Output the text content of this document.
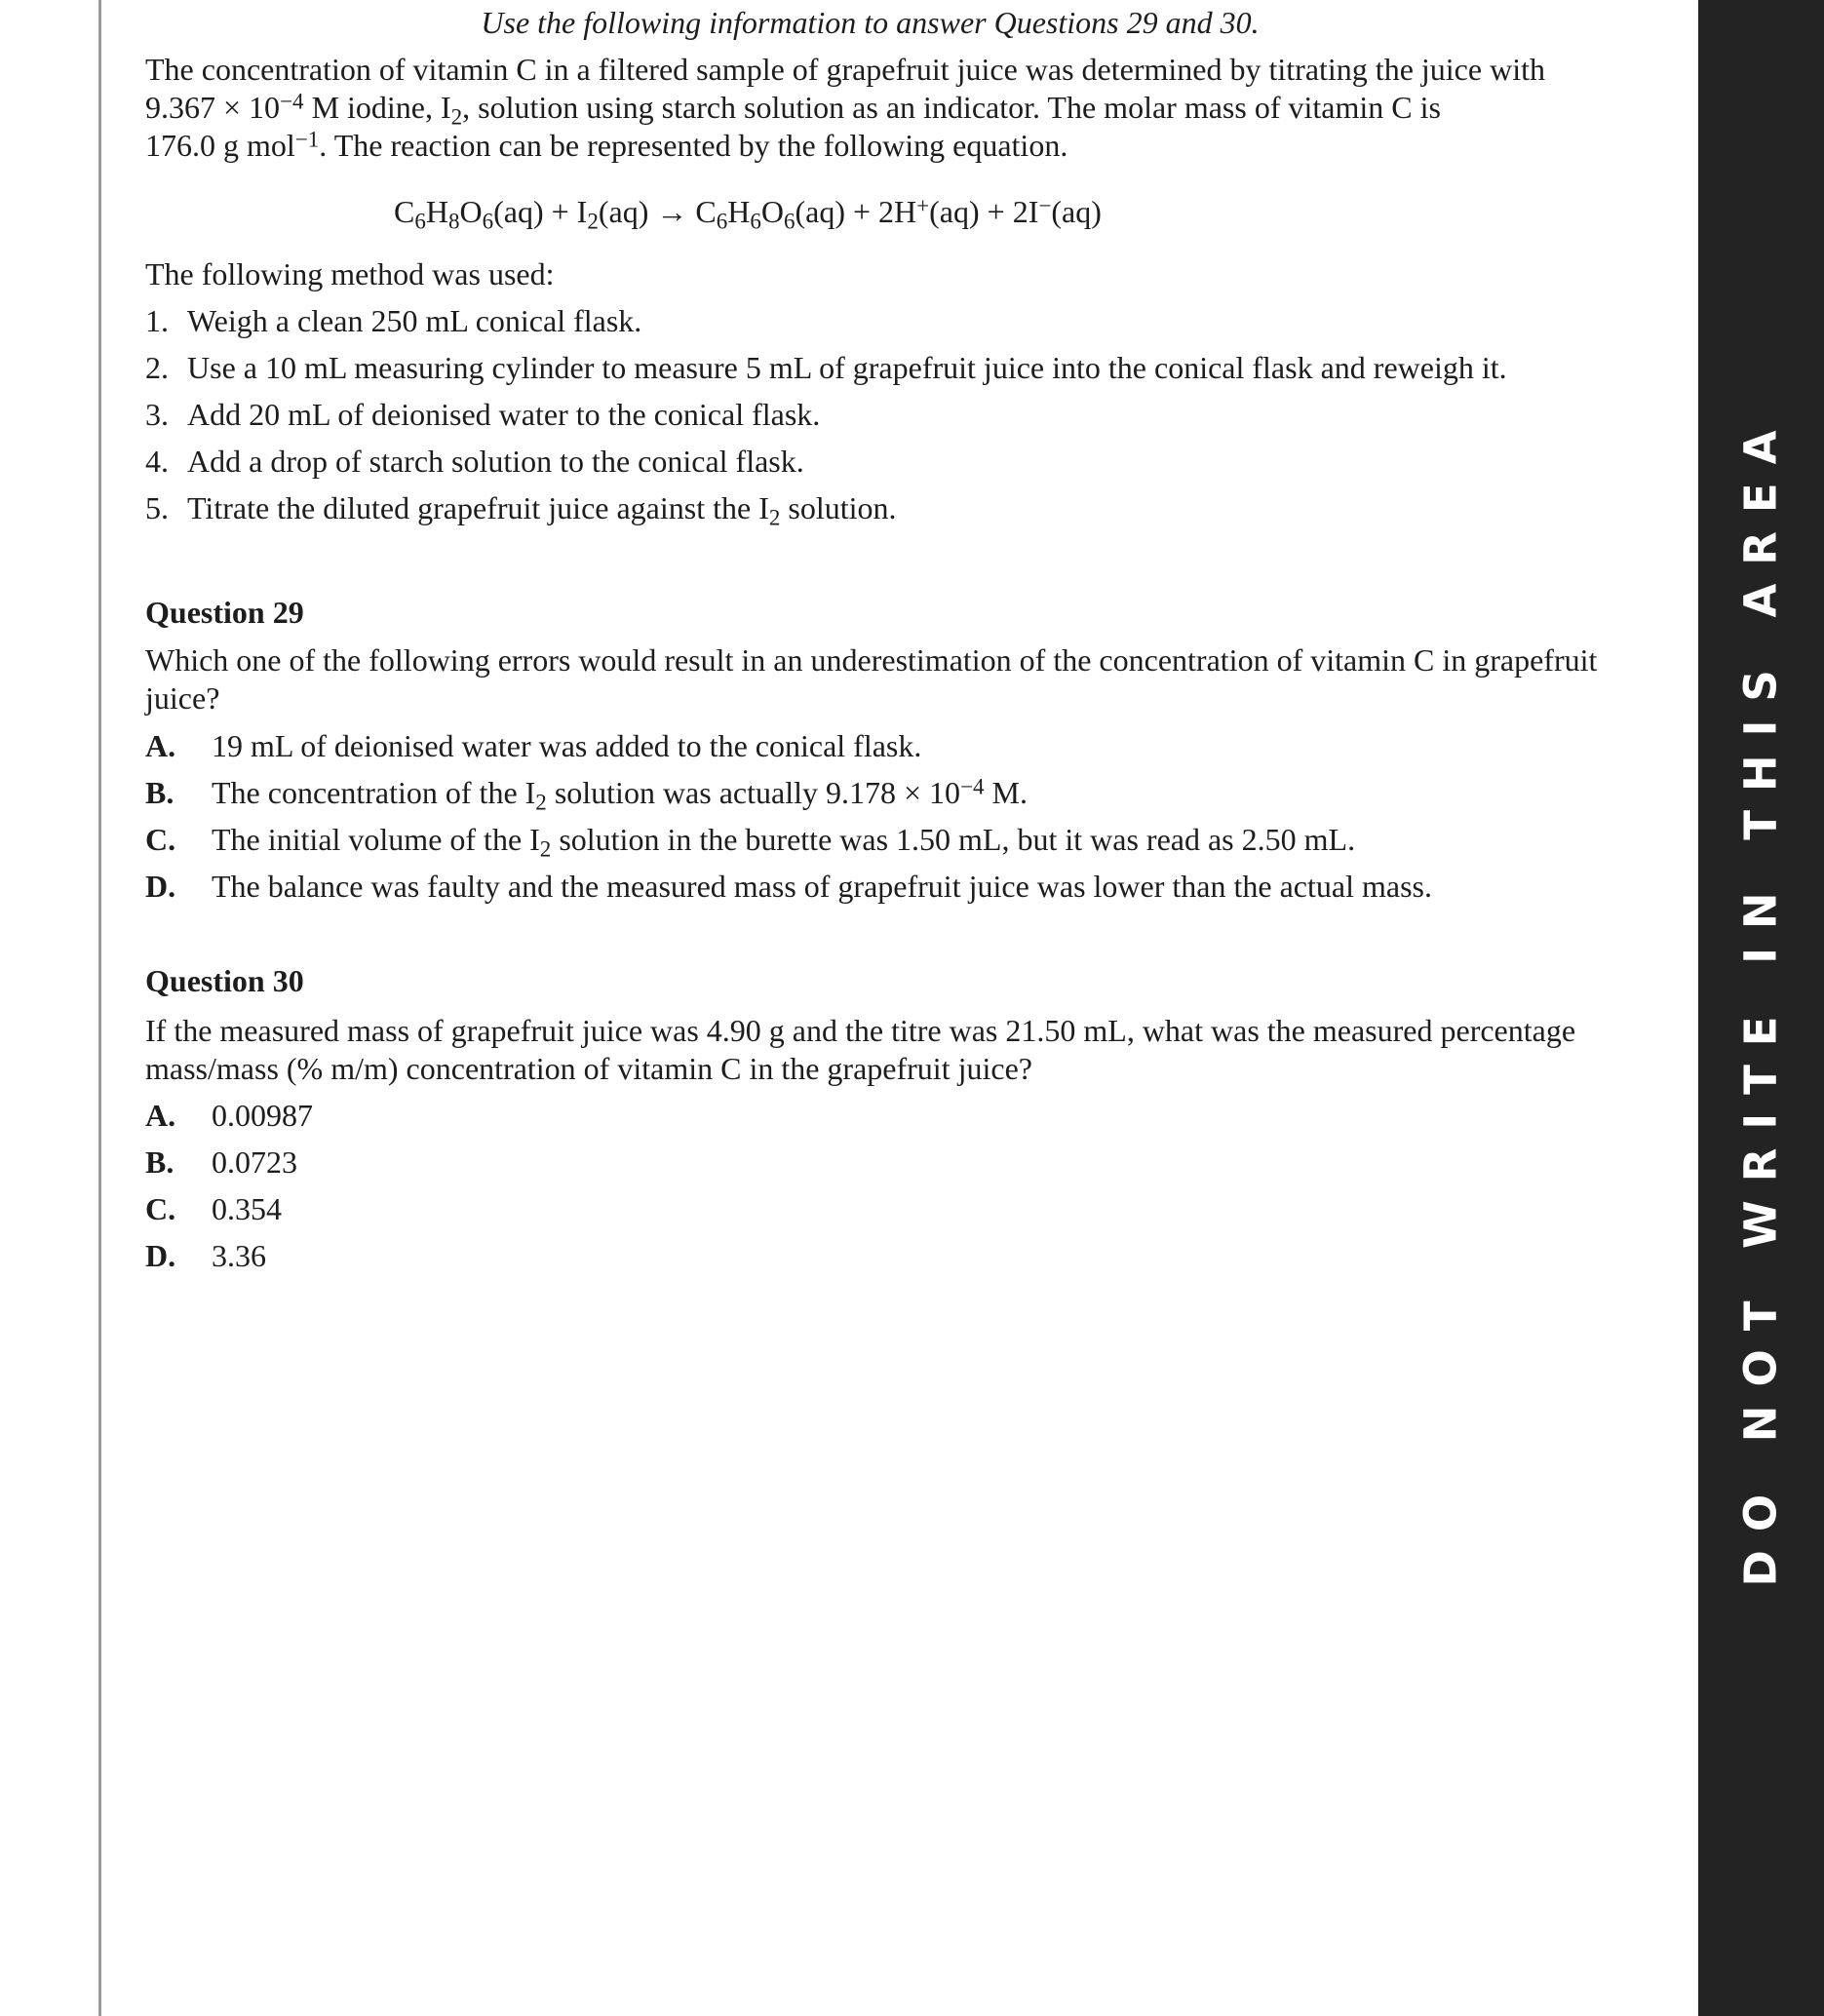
DO NOT WRITE IN THIS AREA
Use the following information to answer Questions 29 and 30.

The concentration of vitamin C in a filtered sample of grapefruit juice was determined by titrating the juice with

$9.367 \times 10^{-4}$ M iodine, $I_2$, solution using starch solution as an indicator. The molar mass of vitamin C is

176.0 g mol$^{-1}$. The reaction can be represented by the following equation.

$C_6H_8O_6(aq) + I_2(aq) \to C_6H_6O_6(aq) + 2H^+(aq) + 2I^-(aq)$
The following method was used:
1. Weigh a clean 250 mL conical flask.
2. Use a 10 mL measuring cylinder to measure 5 mL of grapefruit juice into the conical flask and reweigh it.
3. Add 20 mL of deionised water to the conical flask.
4. Add a drop of starch solution to the conical flask.
5. Titrate the diluted grapefruit juice against the $I_2$ solution.
Question 29
Which one of the following errors would result in an underestimation of the concentration of vitamin C in grapefruit
juice?
A.	19 mL of deionised water was added to the conical flask.
B.	The concentration of the $I_2$ solution was actually $9.178 \times 10^{-4}$ M.
C.	The initial volume of the $I_2$ solution in the burette was 1.50 mL, but it was read as 2.50 mL.
D.	The balance was faulty and the measured mass of grapefruit juice was lower than the actual mass.
Question 30
If the measured mass of grapefruit juice was 4.90 g and the titre was 21.50 mL, what was the measured percentage
mass/mass (% m/m) concentration of vitamin C in the grapefruit juice?
A.	0.00987
B.	0.0723
C.	0.354
D.	3.36
